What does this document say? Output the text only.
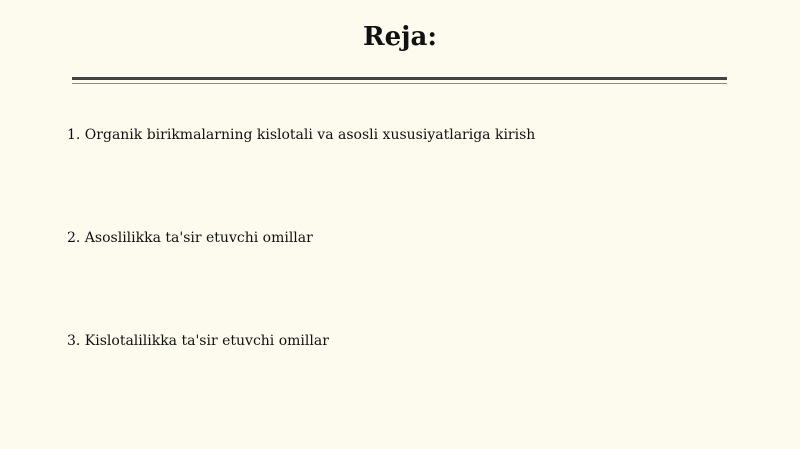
Reja:
1. Organik birikmalarning kislotali va asosli xususiyatlariga kirish
2. Asoslilikka ta'sir etuvchi omillar
3. Kislotalilikka ta'sir etuvchi omillar
